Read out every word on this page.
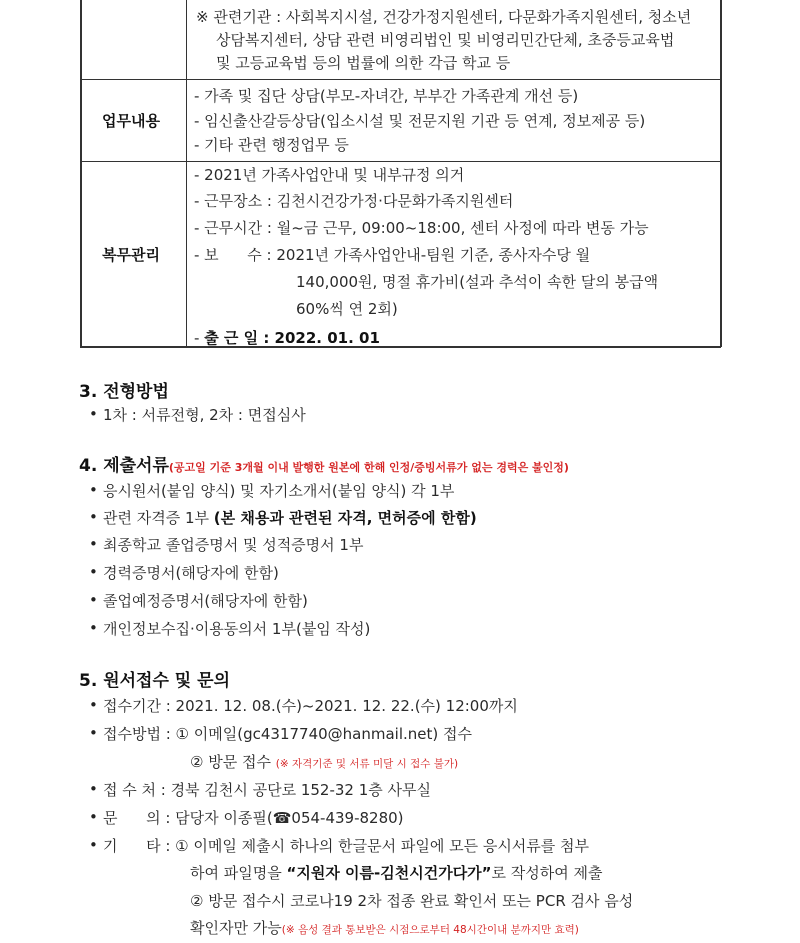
※ 관련기관 : 사회복지시설, 건강가정지원센터, 다문화가족지원센터, 청소년
상담복지센터, 상담 관련 비영리법인 및 비영리민간단체, 초중등교육법
및 고등교육법 등의 법률에 의한 각급 학교 등
업무내용
- 가족 및 집단 상담(부모-자녀간, 부부간 가족관계 개선 등)
- 임신출산갈등상담(입소시설 및 전문지원 기관 등 연계, 정보제공 등)
- 기타 관련 행정업무 등
복무관리
- 2021년 가족사업안내 및 내부규정 의거
- 근무장소 : 김천시건강가정·다문화가족지원센터
- 근무시간 : 월~금 근무, 09:00~18:00, 센터 사정에 따라 변동 가능
- 보      수 : 2021년 가족사업안내-팀원 기준, 종사자수당 월
140,000원, 명절 휴가비(설과 추석이 속한 달의 봉급액
60%씩 연 2회)
- 출 근 일 : 2022. 01. 01
3. 전형방법
• 1차 : 서류전형, 2차 : 면접심사
4. 제출서류(공고일 기준 3개월 이내 발행한 원본에 한해 인정/증빙서류가 없는 경력은 불인정)
• 응시원서(붙임 양식) 및 자기소개서(붙임 양식) 각 1부
• 관련 자격증 1부 (본 채용과 관련된 자격, 면허증에 한함)
• 최종학교 졸업증명서 및 성적증명서 1부
• 경력증명서(해당자에 한함)
• 졸업예정증명서(해당자에 한함)
• 개인정보수집·이용동의서 1부(붙임 작성)
5. 원서접수 및 문의
• 접수기간 : 2021. 12. 08.(수)~2021. 12. 22.(수) 12:00까지
• 접수방법 : ① 이메일(gc4317740@hanmail.net) 접수
② 방문 접수 (※ 자격기준 및 서류 미달 시 접수 불가)
• 접 수 처 : 경북 김천시 공단로 152-32 1층 사무실
• 문      의 : 담당자 이종필(☎054-439-8280)
• 기      타 : ① 이메일 제출시 하나의 한글문서 파일에 모든 응시서류를 첨부
하여 파일명을 “지원자 이름-김천시건가다가”로 작성하여 제출
② 방문 접수시 코로나19 2차 접종 완료 확인서 또는 PCR 검사 음성
확인자만 가능(※ 음성 결과 통보받은 시점으로부터 48시간이내 분까지만 효력)
